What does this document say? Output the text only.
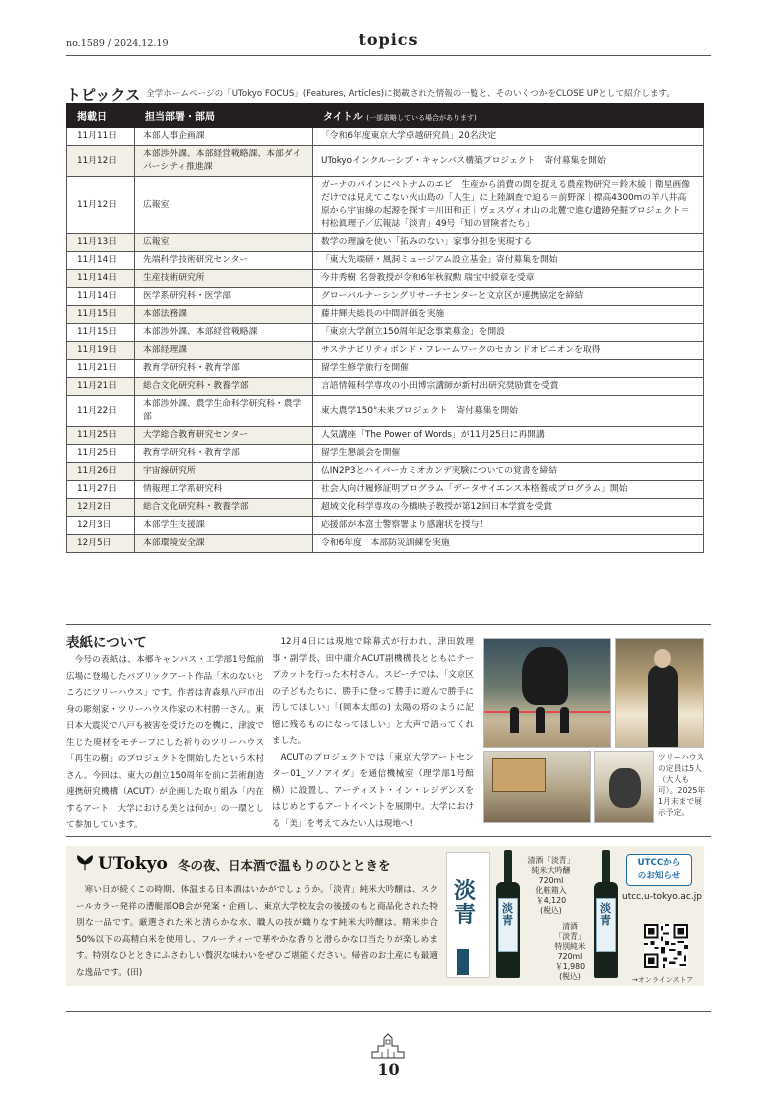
no.1589 / 2024.12.19	topics
トピックス 全学ホームページの「UTokyo FOCUS」(Features, Articles)に掲載された情報の一覧と、そのいくつかをCLOSE UPとして紹介します。
掲載日	担当部署・部局	タイトル (一部省略している場合があります)
11月11日	本部人事企画課	「令和6年度東京大学卓越研究員」20名決定
11月12日	本部渉外課、本部経営戦略課、本部ダイバーシティ推進課	UTokyoインクルーシブ・キャンパス構築プロジェクト　寄付募集を開始
11月12日	広報室	ガーナのパインにベトナムのエビ　生産から消費の間を捉える農産物研究＝鈴木綾｜衛星画像だけでは見えてこない火山島の「人生」に上陸調査で迫る＝前野深｜標高4300mの羊八井高原から宇宙線の起源を探す＝川田和正｜ヴェスヴィオ山の北麓で進む遺跡発掘プロジェクト＝村松眞理子／広報誌「淡青」49号「知の冒険者たち」
11月13日	広報室	数学の理論を使い「拓みのない」家事分担を実現する
11月14日	先端科学技術研究センター	「東大先端研・風洞ミュージアム設立基金」寄付募集を開始
11月14日	生産技術研究所	今井秀樹 名誉教授が令和6年秋叙勲 瑞宝中綬章を受章
11月14日	医学系研究科・医学部	グローバルナーシングリサーチセンターと文京区が連携協定を締結
11月15日	本部法務課	藤井輝夫総長の中間評価を実施
11月15日	本部渉外課、本部経営戦略課	「東京大学創立150周年記念事業募金」を開設
11月19日	本部経理課	サステナビリティボンド・フレームワークのセカンドオピニオンを取得
11月21日	教育学研究科・教育学部	留学生修学旅行を開催
11月21日	総合文化研究科・教養学部	言語情報科学専攻の小田博宗講師が新村出研究奨励賞を受賞
11月22日	本部渉外課、農学生命科学研究科・農学部	東大農学150°未来プロジェクト　寄付募集を開始
11月25日	大学総合教育研究センター	人気講座「The Power of Words」が11月25日に再開講
11月25日	教育学研究科・教育学部	留学生懇談会を開催
11月26日	宇宙線研究所	仏IN2P3とハイパーカミオカンデ実験についての覚書を締結
11月27日	情報理工学系研究科	社会人向け履修証明プログラム「データサイエンス本格養成プログラム」開始
12月2日	総合文化研究科・教養学部	超域文化科学専攻の今橋映子教授が第12回日本学賞を受賞
12月3日	本部学生支援課	応援部が本富士警察署より感謝状を授与！
12月5日	本部環境安全課	令和6年度　本部防災訓練を実施
表紙について
今号の表紙は、本郷キャンパス・工学部1号館前広場に登場したパブリックアート作品「木のないところにツリーハウス」です。作者は青森県八戸市出身の彫刻家・ツリーハウス作家の木村勝一さん。東日本大震災で八戸も被害を受けたのを機に、津波で生じた廃材をモチーフにした祈りのツリーハウス「再生の樹」のプロジェクトを開始したという木村さん。今回は、東大の創立150周年を前に芸術創造連携研究機構（ACUT）が企画した取り組み「内在するアート　大学における美とは何か」の一環として参加しています。
12月4日には現地で除幕式が行われ、津田敦理事・副学長、田中庸介ACUT副機構長とともにテープカットを行った木村さん。スピーチでは、「文京区の子どもたちに、勝手に登って勝手に遊んで勝手に汚してほしい」「(岡本太郎の) 太陽の塔のように記憶に残るものになってほしい」と大声で語ってくれました。
ACUTのプロジェクトでは「東京大学アートセンター01_ソノアイダ」を通信機械室（理学部1号館横）に設置し、アーティスト・イン・レジデンスをはじめとするアートイベントを展開中。大学における「美」を考えてみたい人は現地へ!
ツリーハウスの定員は5人（大人も可）。2025年1月末まで展示予定。
UTokyo 冬の夜、日本酒で温もりのひとときを
寒い日が続くこの時期、体温まる日本酒はいかがでしょうか。「淡青」純米大吟醸は、スクールカラー発祥の漕艇部OB会が発案・企画し、東京大学校友会の後援のもと商品化された特別な一品です。厳選された米と清らかな水、職人の技が織りなす純米大吟醸は、精米歩合50%以下の高精白米を使用し、フルーティーで華やかな香りと滑らかな口当たりが楽しめます。特別なひとときにふさわしい贅沢な味わいをぜひご堪能ください。帰省のお土産にも最適な逸品です。(田)
淡青	淡青
淡青
清酒「淡青」
純米大吟醸
720ml
化粧箱入
￥4,120
(税込)
清酒
「淡青」
特別純米
720ml
￥1,980
(税込)
UTCCから
のお知らせ
utcc.u-tokyo.ac.jp
→オンラインストア
10
